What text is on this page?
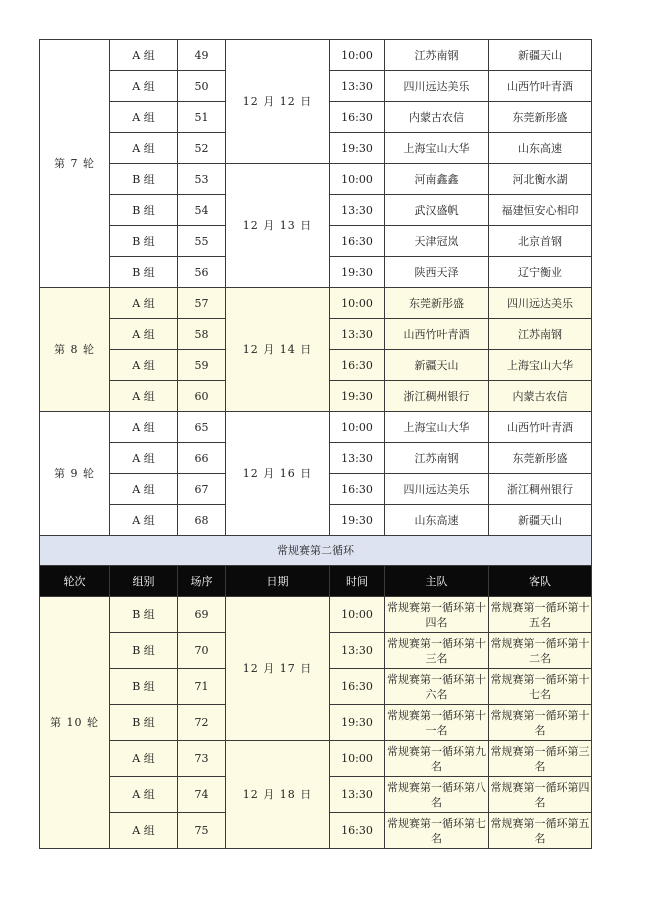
第 7 轮	A 组	49	12 月 12 日	10:00	江苏南钢	新疆天山
	A 组	50		13:30	四川远达美乐	山西竹叶青酒
	A 组	51		16:30	内蒙古农信	东莞新彤盛
	A 组	52		19:30	上海宝山大华	山东高速
	B 组	53	12 月 13 日	10:00	河南鑫鑫	河北衡水湖
	B 组	54		13:30	武汉盛帆	福建恒安心相印
	B 组	55		16:30	天津冠岚	北京首钢
	B 组	56		19:30	陕西天泽	辽宁衡业
第 8 轮	A 组	57	12 月 14 日	10:00	东莞新彤盛	四川远达美乐
	A 组	58		13:30	山西竹叶青酒	江苏南钢
	A 组	59		16:30	新疆天山	上海宝山大华
	A 组	60		19:30	浙江稠州银行	内蒙古农信
第 9 轮	A 组	65	12 月 16 日	10:00	上海宝山大华	山西竹叶青酒
	A 组	66		13:30	江苏南钢	东莞新彤盛
	A 组	67		16:30	四川远达美乐	浙江稠州银行
	A 组	68		19:30	山东高速	新疆天山
常规赛第二循环						
轮次	组别	场序	日期	时间	主队	客队
第 10 轮	B 组	69	12 月 17 日	10:00	常规赛第一循环第十四名	常规赛第一循环第十五名
	B 组	70		13:30	常规赛第一循环第十三名	常规赛第一循环第十二名
	B 组	71		16:30	常规赛第一循环第十六名	常规赛第一循环第十七名
	B 组	72		19:30	常规赛第一循环第十一名	常规赛第一循环第十名
	A 组	73	12 月 18 日	10:00	常规赛第一循环第九名	常规赛第一循环第三名
	A 组	74		13:30	常规赛第一循环第八名	常规赛第一循环第四名
	A 组	75		16:30	常规赛第一循环第七名	常规赛第一循环第五名
